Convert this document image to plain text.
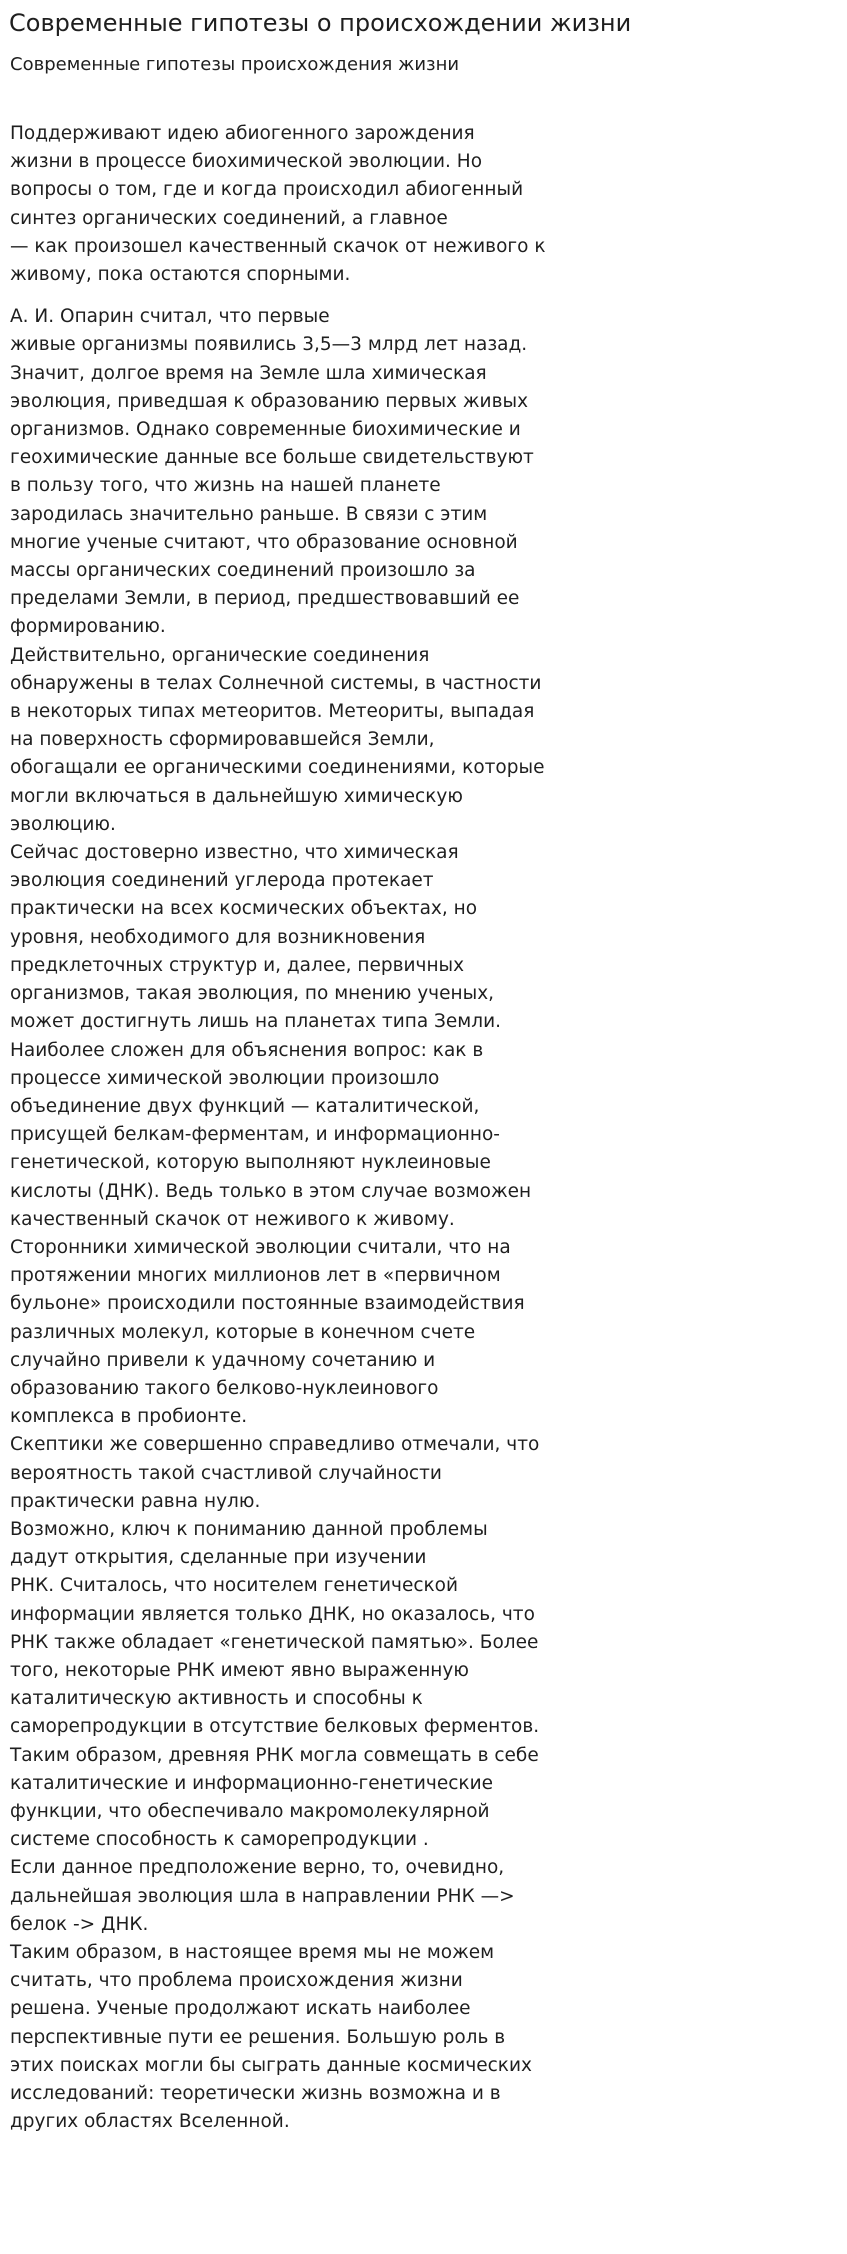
Современные гипотезы о происхождении жизни
Современные гипотезы происхождения жизни

Поддерживают идею абиогенного зарождения
жизни в процессе биохимической эволюции. Но
вопросы о том, где и когда происходил абиогенный
синтез органических соединений, а главное
— как произошел качественный скачок от неживого к
живому, пока остаются спорными.

А. И. Опарин считал, что первые
живые организмы появились 3,5—3 млрд лет назад.
Значит, долгое время на Земле шла химическая
эволюция, приведшая к образованию первых живых
организмов. Однако современные биохимические и
геохимические данные все больше свидетельствуют
в пользу того, что жизнь на нашей планете
зародилась значительно раньше. В связи с этим
многие ученые считают, что образование основной
массы органических соединений произошло за
пределами Земли, в период, предшествовавший ее
формированию.

Действительно, органические соединения
обнаружены в телах Солнечной системы, в частности
в некоторых типах метеоритов. Метеориты, выпадая
на поверхность сформировавшейся Земли,
обогащали ее органическими соединениями, которые
могли включаться в дальнейшую химическую
эволюцию.

Сейчас достоверно известно, что химическая
эволюция соединений углерода протекает
практически на всех космических объектах, но
уровня, необходимого для возникновения
предклеточных структур и, далее, первичных
организмов, такая эволюция, по мнению ученых,
может достигнуть лишь на планетах типа Земли.

Наиболее сложен для объяснения вопрос: как в
процессе химической эволюции произошло
объединение двух функций — каталитической,
присущей белкам-ферментам, и информационно-
генетической, которую выполняют нуклеиновые
кислоты (ДНК). Ведь только в этом случае возможен
качественный скачок от неживого к живому.

Сторонники химической эволюции считали, что на
протяжении многих миллионов лет в «первичном
бульоне» происходили постоянные взаимодействия
различных молекул, которые в конечном счете
случайно привели к удачному сочетанию и
образованию такого белково-нуклеинового
комплекса в пробионте.

Скептики же совершенно справедливо отмечали, что
вероятность такой счастливой случайности
практически равна нулю.

Возможно, ключ к пониманию данной проблемы
дадут открытия, сделанные при изучении
РНК. Считалось, что носителем генетической
информации является только ДНК, но оказалось, что
РНК также обладает «генетической памятью». Более
того, некоторые РНК имеют явно выраженную
каталитическую активность и способны к
саморепродукции в отсутствие белковых ферментов.
Таким образом, древняя РНК могла совмещать в себе
каталитические и информационно-генетические
функции, что обеспечивало макромолекулярной
системе способность к саморепродукции .

Если данное предположение верно, то, очевидно,
дальнейшая эволюция шла в направлении РНК —>
белок -> ДНК.

Таким образом, в настоящее время мы не можем
считать, что проблема происхождения жизни
решена. Ученые продолжают искать наиболее
перспективные пути ее решения. Большую роль в
этих поисках могли бы сыграть данные космических
исследований: теоретически жизнь возможна и в
других областях Вселенной.
